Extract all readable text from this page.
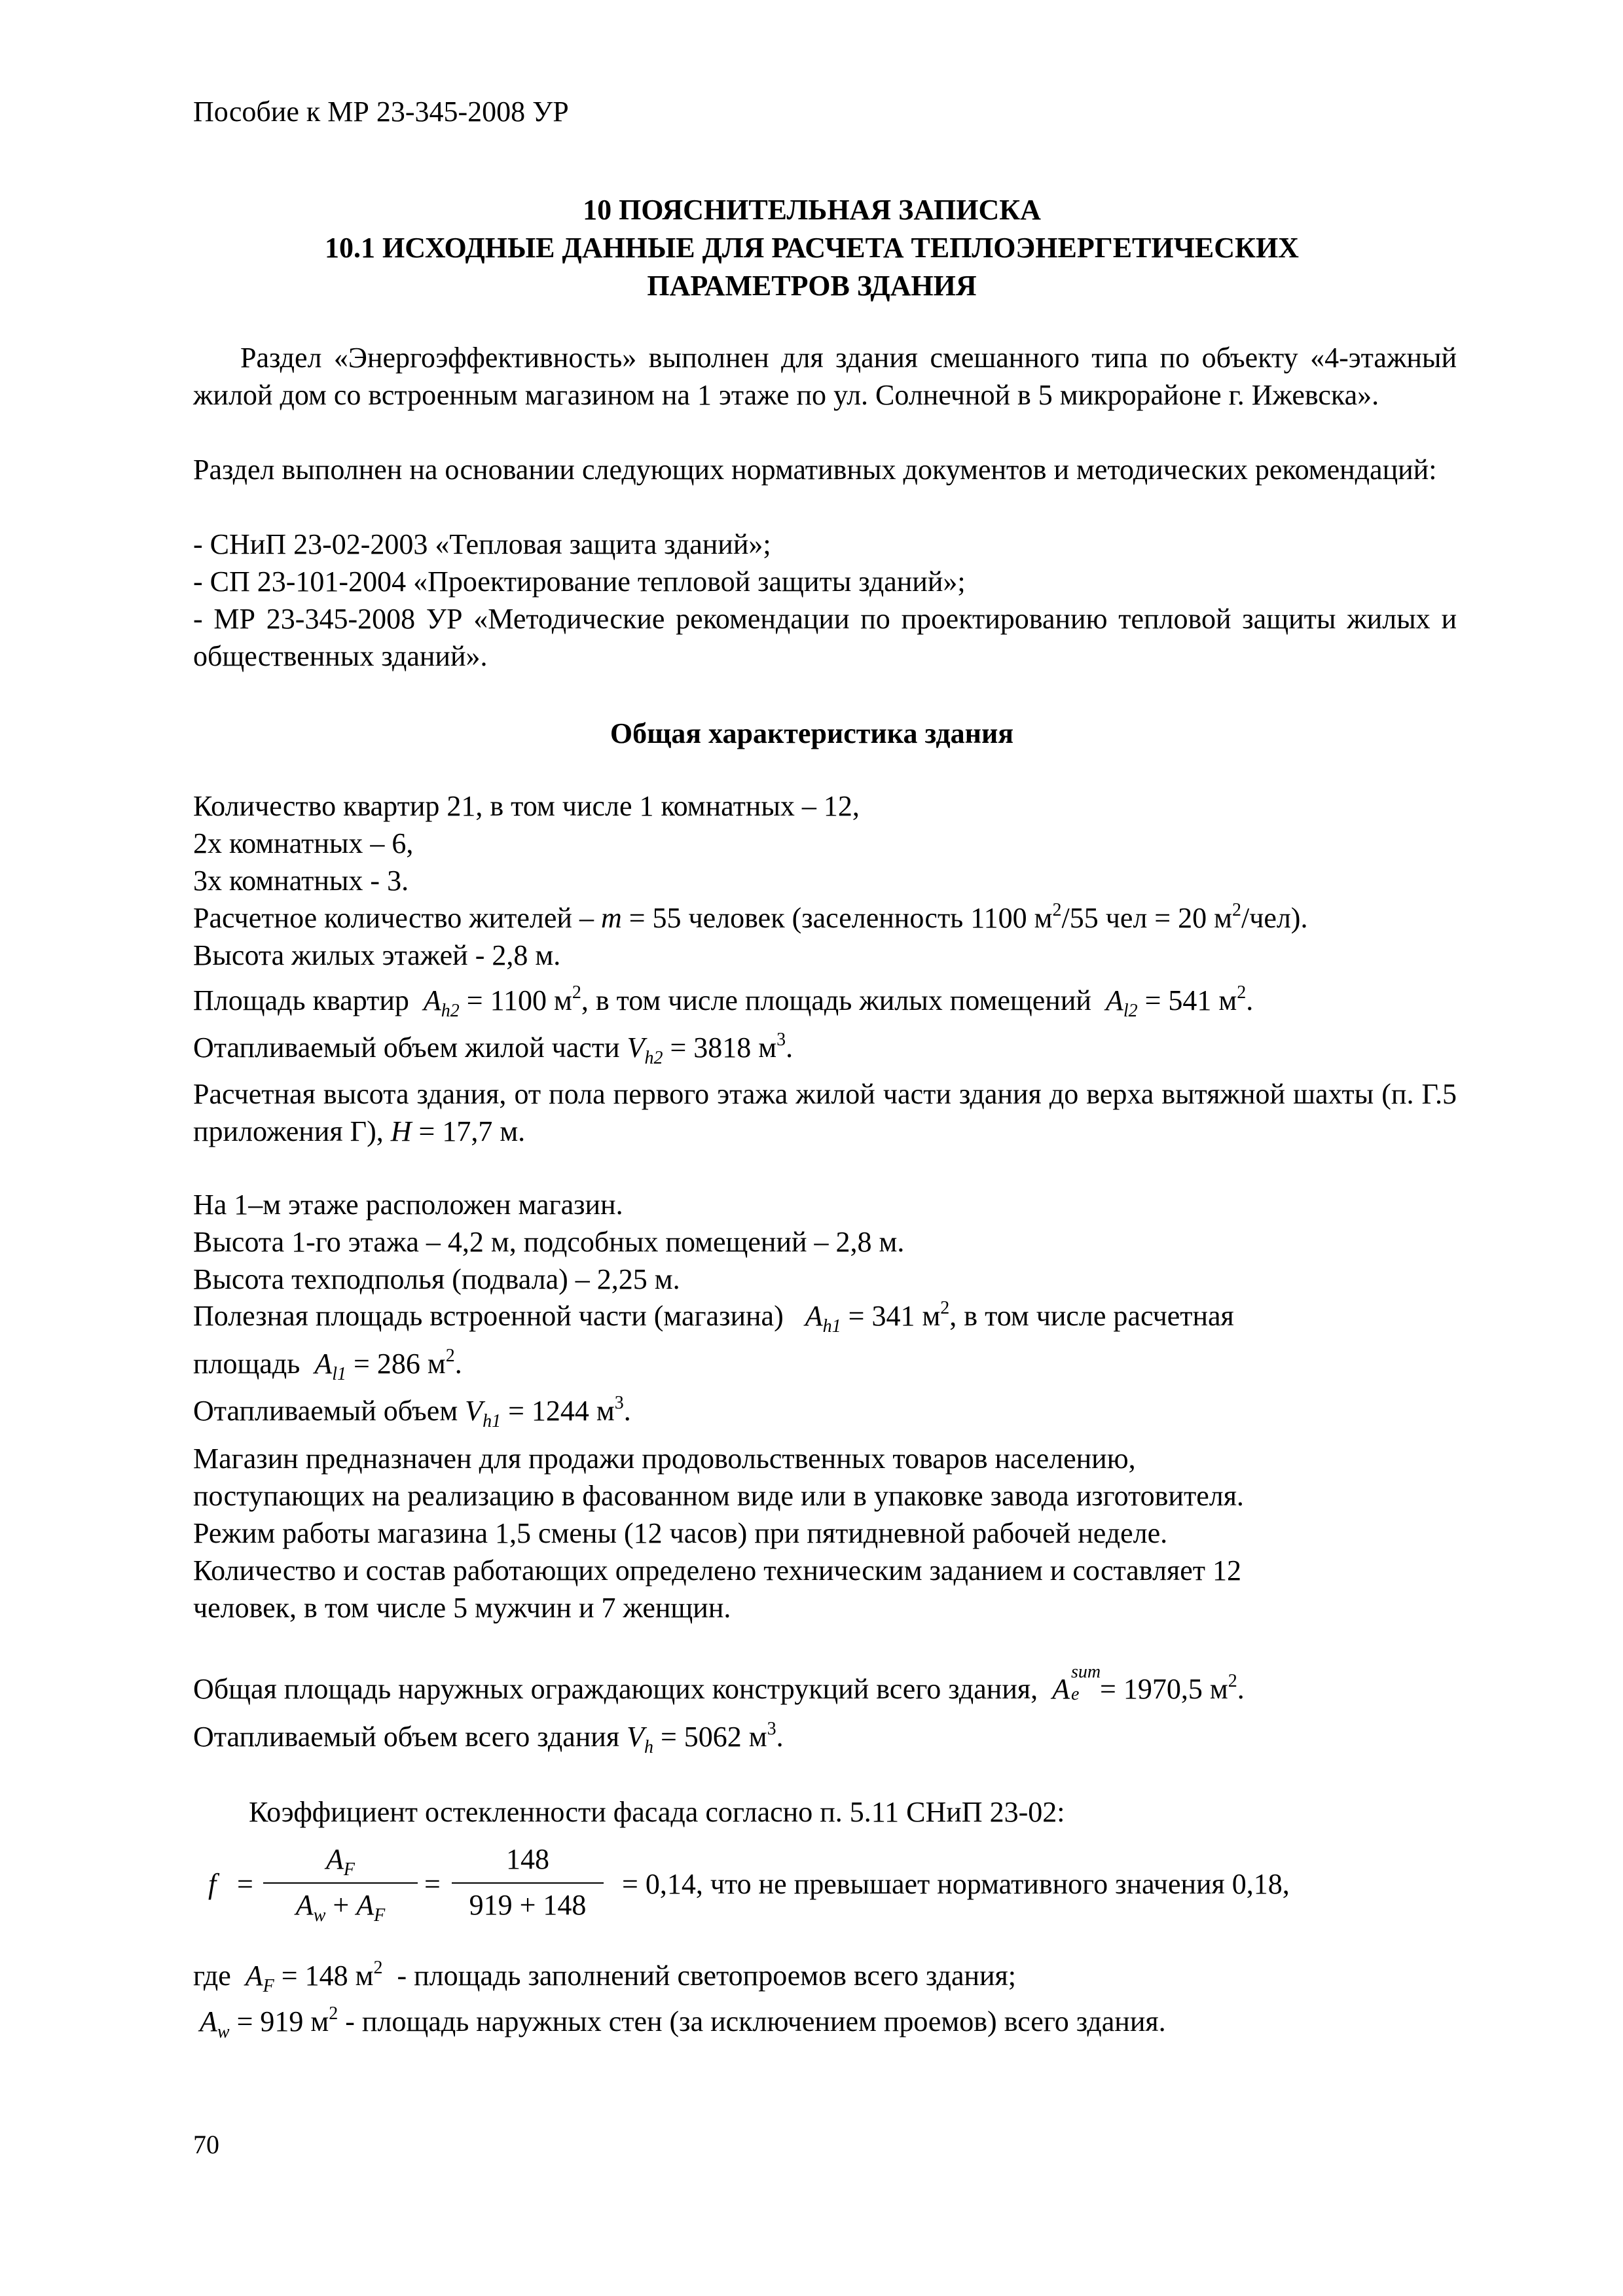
Пособие к МР 23-345-2008 УР
10 ПОЯСНИТЕЛЬНАЯ ЗАПИСКА
10.1 ИСХОДНЫЕ ДАННЫЕ ДЛЯ РАСЧЕТА ТЕПЛОЭНЕРГЕТИЧЕСКИХ
ПАРАМЕТРОВ ЗДАНИЯ
Раздел «Энергоэффективность» выполнен для здания смешанного типа по объекту «4-этажный жилой дом со встроенным магазином на 1 этаже по ул. Солнечной в 5 микрорайоне г. Ижевска».
Раздел выполнен на основании следующих нормативных документов и методических рекомендаций:
- СНиП 23-02-2003 «Тепловая защита зданий»;
- СП 23-101-2004 «Проектирование тепловой защиты зданий»;
- МР 23-345-2008 УР «Методические рекомендации по проектированию тепловой защиты жилых и общественных зданий».
Общая характеристика здания
Количество квартир 21, в том числе 1 комнатных – 12,
2х комнатных – 6,
3х комнатных - 3.
Расчетное количество жителей – m = 55 человек (заселенность 1100 $м^2/55$ чел = 20 $м^2/чел$).
Высота жилых этажей - 2,8 м.
Площадь квартир $A_{h2} = 1100$ $м^2$, в том числе площадь жилых помещений $A_{l2} = 541$ $м^2$.
Отапливаемый объем жилой части $V_{h2} = 3818$ $м^3$.
Расчетная высота здания, от пола первого этажа жилой части здания до верха вытяжной шахты (п. Г.5 приложения Г), H = 17,7 м.
На 1–м этаже расположен магазин.
Высота 1-го этажа – 4,2 м, подсобных помещений – 2,8 м.
Высота техподполья (подвала) – 2,25 м.
Полезная площадь встроенной части (магазина) $A_{h1} = 341$ $м^2$, в том числе расчетная
площадь $A_{l1} = 286$ $м^2$.
Отапливаемый объем $V_{h1} = 1244$ $м^3$.
Магазин предназначен для продажи продовольственных товаров населению,
поступающих на реализацию в фасованном виде или в упаковке завода изготовителя.
Режим работы магазина 1,5 смены (12 часов) при пятидневной рабочей неделе.
Количество и состав работающих определено техническим заданием и составляет 12
человек, в том числе 5 мужчин и 7 женщин.
Общая площадь наружных ограждающих конструкций всего здания, A
sum
e = 1970,5 $м^2$.
Отапливаемый объем всего здания $V_h = 5062$ $м^3$.
Коэффициент остекленности фасада согласно п. 5.11 СНиП 23-02:
f =
$A_F$
$A_w + A_F$
=
148
919 + 148
= 0,14, что не превышает нормативного значения 0,18,
где $A_F = 148$ $м^2$ - площадь заполнений светопроемов всего здания;
$A_w = 919$ $м^2$ - площадь наружных стен (за исключением проемов) всего здания.
70
